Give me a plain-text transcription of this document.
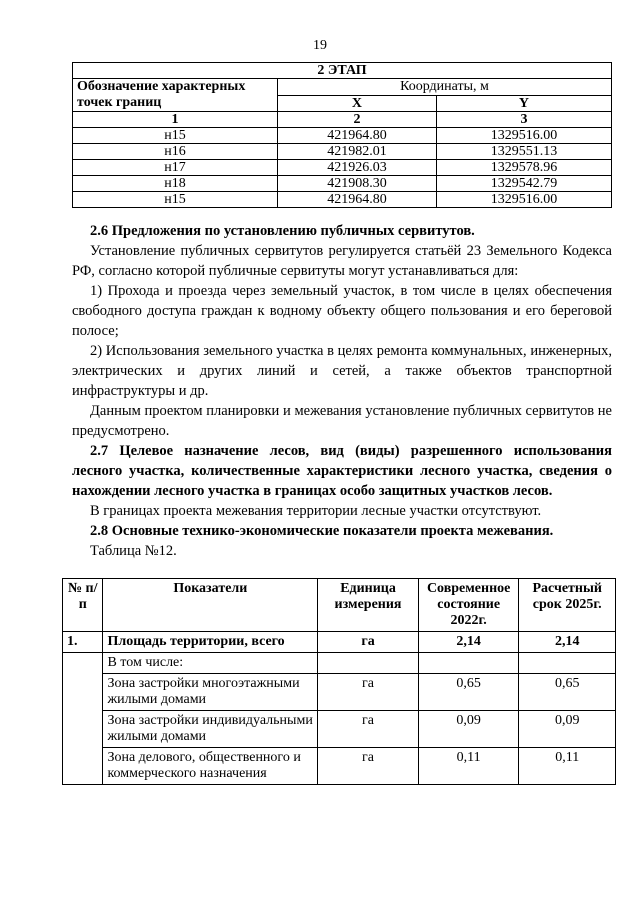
19
2 ЭТАП		
Обозначение характерных точек границ	Координаты, м	
	X	Y
1	2	3
н15	421964.80	1329516.00
н16	421982.01	1329551.13
н17	421926.03	1329578.96
н18	421908.30	1329542.79
н15	421964.80	1329516.00

2.6 Предложения по установлению публичных сервитутов.

Установление публичных сервитутов регулируется статьёй 23 Земельного Кодекса РФ, согласно которой публичные сервитуты могут устанавливаться для:

1) Прохода и проезда через земельный участок, в том числе в целях обеспечения свободного доступа граждан к водному объекту общего пользования и его береговой полосе;

2) Использования земельного участка в целях ремонта коммунальных, инженерных, электрических и других линий и сетей, а также объектов транспортной инфраструктуры и др.

Данным проектом планировки и межевания установление публичных сервитутов не предусмотрено.

2.7 Целевое назначение лесов, вид (виды) разрешенного использования лесного участка, количественные характеристики лесного участка, сведения о нахождении лесного участка в границах особо защитных участков лесов.

В границах проекта межевания территории лесные участки отсутствуют.

2.8 Основные технико-экономические показатели проекта межевания.

Таблица №12.

№ п/п	Показатели	Единица измерения	Современное состояние 2022г.	Расчетный срок 2025г.
1.	Площадь территории, всего	га	2,14	2,14
	В том числе:			
	Зона застройки многоэтажными жилыми домами	га	0,65	0,65
	Зона застройки индивидуальными жилыми домами	га	0,09	0,09
	Зона делового, общественного и коммерческого назначения	га	0,11	0,11
